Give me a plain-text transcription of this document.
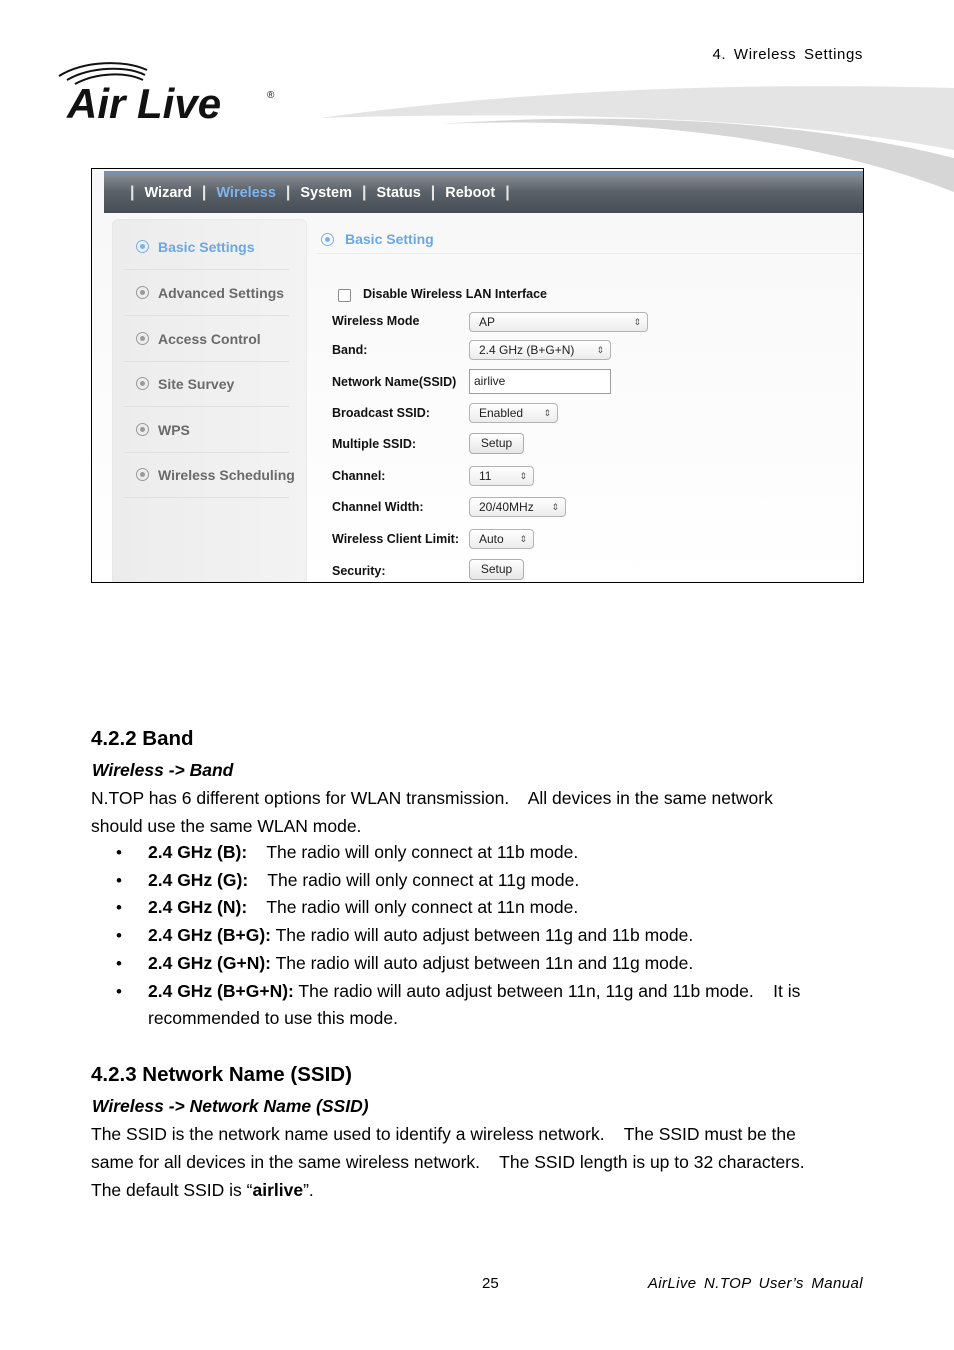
4. Wireless Settings
Air Live	®
| Wizard | Wireless | System | Status | Reboot |
Basic Settings
Advanced Settings
Access Control
Site Survey
WPS
Wireless Scheduling
Basic Setting
Disable Wireless LAN Interface
Wireless Mode	AP	⇕
Band:	2.4 GHz (B+G+N) ⇕
Network Name(SSID)	airlive
Broadcast SSID:	Enabled ⇕
Multiple SSID:	Setup
Channel:	11	⇕
Channel Width:	20/40MHz ⇕
Wireless Client Limit:	Auto ⇕
Security:	Setup
4.2.2 Band
Wireless -> Band
N.TOP has 6 different options for WLAN transmission.    All devices in the same network
should use the same WLAN mode.
• 2.4 GHz (B): The radio will only connect at 11b mode.
• 2.4 GHz (G): The radio will only connect at 11g mode.
• 2.4 GHz (N): The radio will only connect at 11n mode.
• 2.4 GHz (B+G): The radio will auto adjust between 11g and 11b mode.
• 2.4 GHz (G+N): The radio will auto adjust between 11n and 11g mode.
• 2.4 GHz (B+G+N): The radio will auto adjust between 11n, 11g and 11b mode.    It is
recommended to use this mode.
4.2.3 Network Name (SSID)
Wireless -> Network Name (SSID)
The SSID is the network name used to identify a wireless network.    The SSID must be the
same for all devices in the same wireless network.    The SSID length is up to 32 characters.
The default SSID is “airlive”.
25	AirLive N.TOP User’s Manual
